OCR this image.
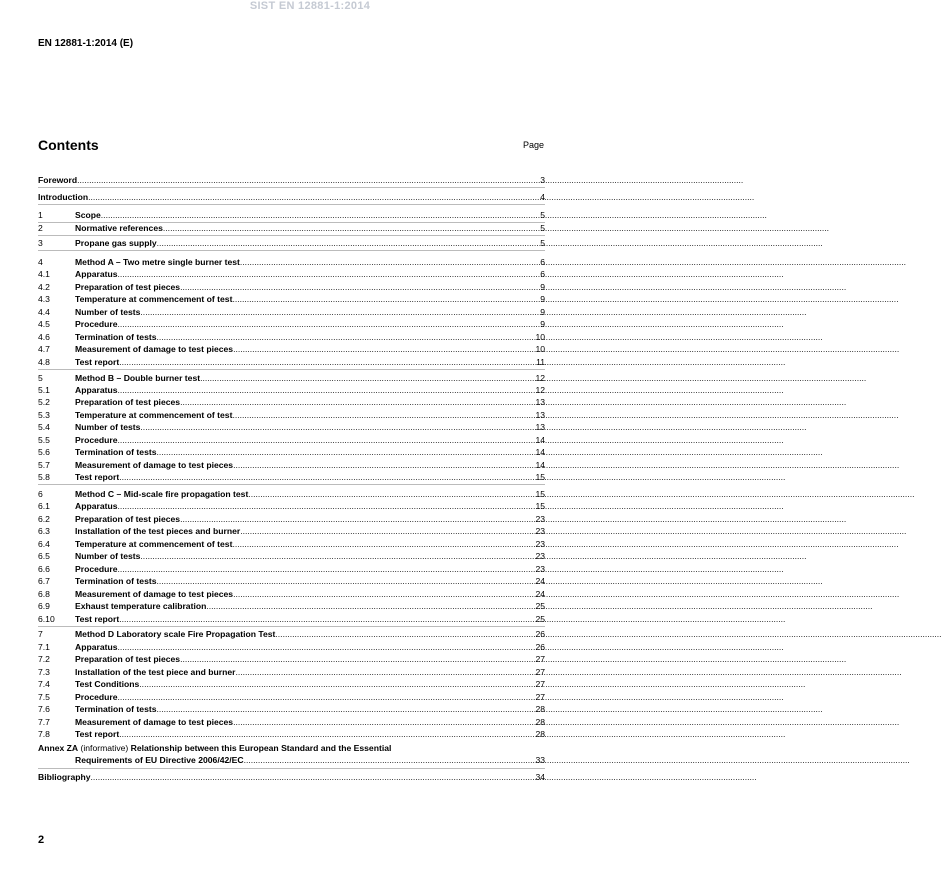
SIST EN 12881-1:2014
EN 12881-1:2014 (E)
Contents	Page
Foreword .....	3
Introduction .....	4
1	Scope .....	5
2	Normative references .....	5
3	Propane gas supply .....	5
4	Method A – Two metre single burner test .....	6
4.1	Apparatus .....	6
4.2	Preparation of test pieces .....	9
4.3	Temperature at commencement of test .....	9
4.4	Number of tests .....	9
4.5	Procedure .....	9
4.6	Termination of tests .....	10
4.7	Measurement of damage to test pieces .....	10
4.8	Test report .....	11
5	Method B – Double burner test .....	12
5.1	Apparatus .....	12
5.2	Preparation of test pieces .....	13
5.3	Temperature at commencement of test .....	13
5.4	Number of tests .....	13
5.5	Procedure .....	14
5.6	Termination of tests .....	14
5.7	Measurement of damage to test pieces .....	14
5.8	Test report .....	15
6	Method C – Mid-scale fire propagation test .....	15
6.1	Apparatus .....	15
6.2	Preparation of test pieces .....	23
6.3	Installation of the test pieces and burner .....	23
6.4	Temperature at commencement of test .....	23
6.5	Number of tests .....	23
6.6	Procedure .....	23
6.7	Termination of tests .....	24
6.8	Measurement of damage to test pieces .....	24
6.9	Exhaust temperature calibration .....	25
6.10	Test report .....	25
7	Method D Laboratory scale Fire Propagation Test .....	26
7.1	Apparatus .....	26
7.2	Preparation of test pieces .....	27
7.3	Installation of the test piece and burner .....	27
7.4	Test Conditions .....	27
7.5	Procedure .....	27
7.6	Termination of tests .....	28
7.7	Measurement of damage to test pieces .....	28
7.8	Test report .....	28
Annex ZA (informative) Relationship between this European Standard and the Essential
Requirements of EU Directive 2006/42/EC .....	33
Bibliography .....	34
2
